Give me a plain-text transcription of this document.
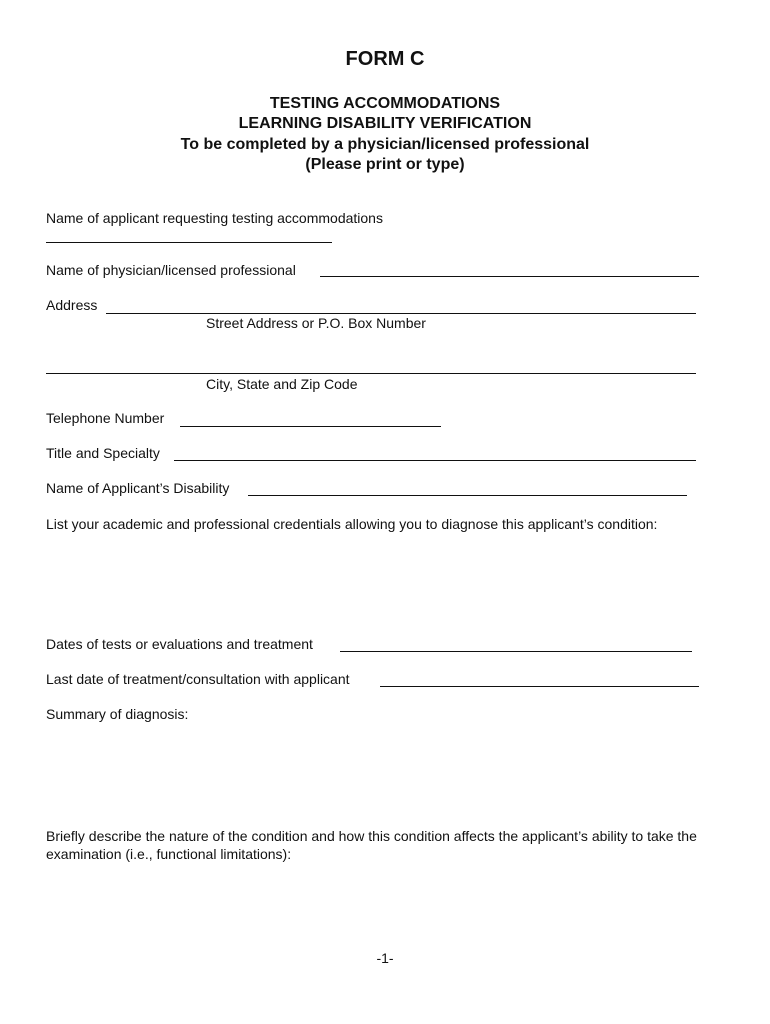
FORM C
TESTING ACCOMMODATIONS
LEARNING DISABILITY VERIFICATION
To be completed by a physician/licensed professional
(Please print or type)
Name of applicant requesting testing accommodations
Name of physician/licensed professional
Address
Street Address or P.O. Box Number
City, State and Zip Code
Telephone Number
Title and Specialty
Name of Applicant’s Disability
List your academic and professional credentials allowing you to diagnose this applicant’s condition:
Dates of tests or evaluations and treatment
Last date of treatment/consultation with applicant
Summary of diagnosis:
Briefly describe the nature of the condition and how this condition affects the applicant’s ability to take the examination (i.e., functional limitations):
-1-
